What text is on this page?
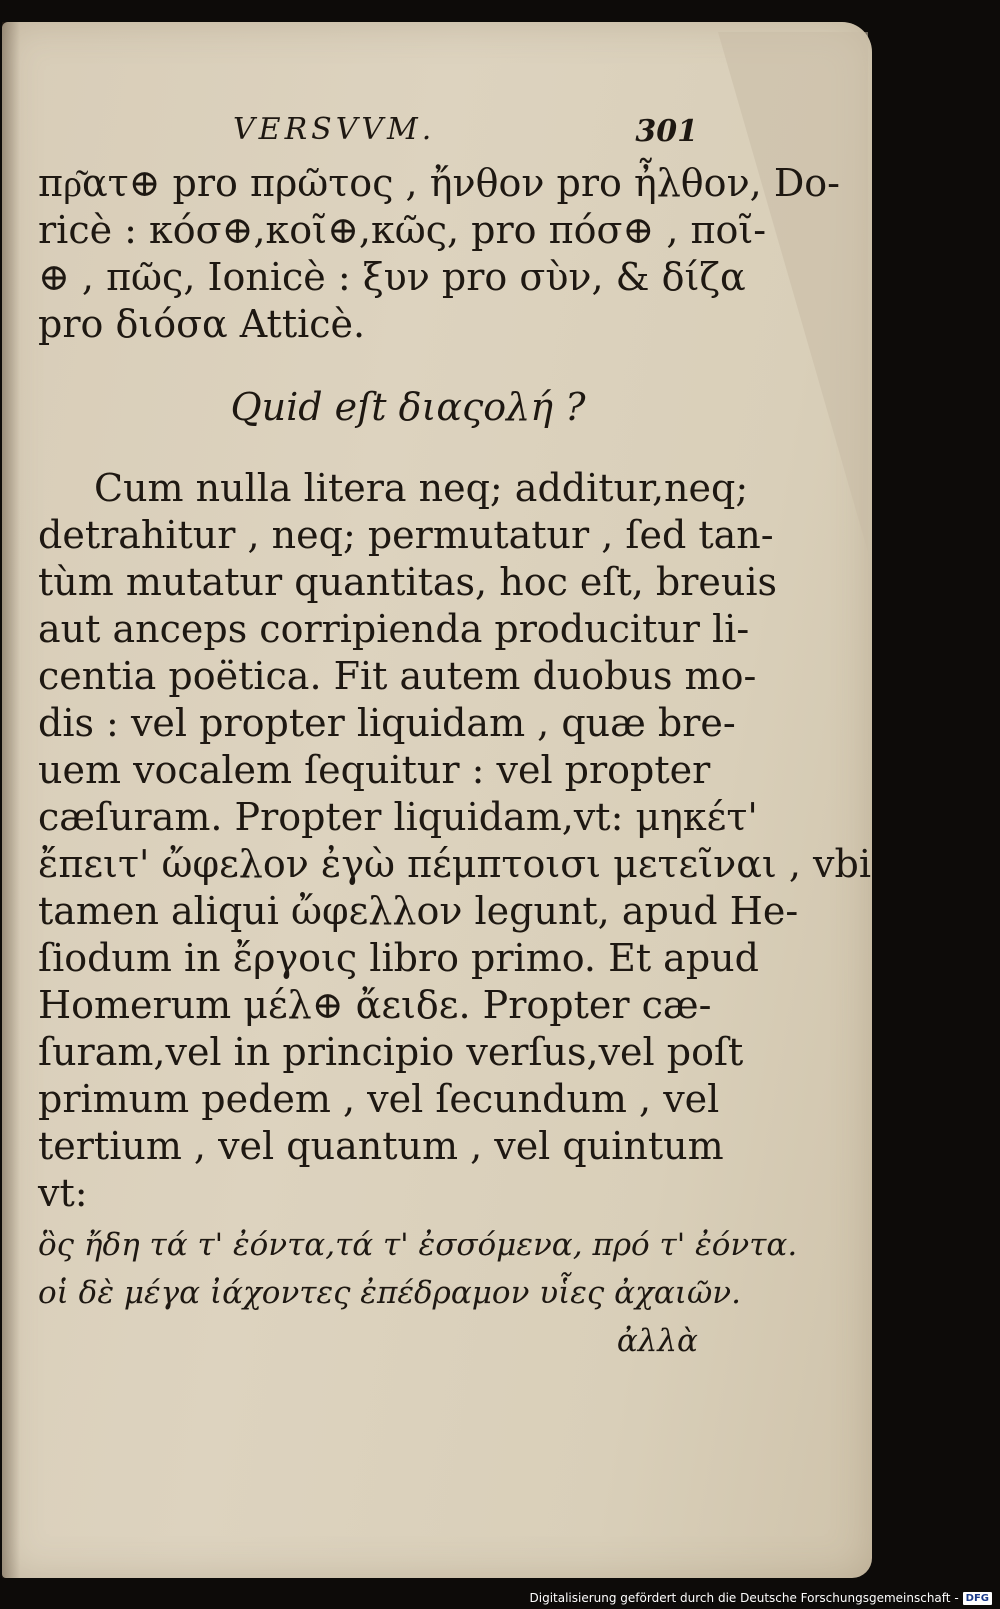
VERSVVM.	301
πρ͂ατ⊕ pro πρῶτος , ἤνθον pro ἦλθον, Do-
ricè : κόσ⊕,κοῖ⊕,κῶς, pro πόσ⊕ , ποῖ-
⊕ , πῶς, Ionicè : ξυν pro σὺν, & δίζα
pro διόσα Atticè.
Quid eſt διαςολή ?
Cum nulla litera neq; additur,neq;
detrahitur , neq; permutatur , ſed tan-
tùm mutatur quantitas, hoc eſt, breuis
aut anceps corripienda producitur li-
centia poëtica. Fit autem duobus mo-
dis : vel propter liquidam , quæ bre-
uem vocalem ſequitur : vel propter
cæſuram. Propter liquidam,vt: μηκέτ'
ἔπειτ' ὤφελον ἐγὼ πέμπτοισι μετεῖναι , vbi
tamen aliqui ὤφελλον legunt, apud He-
ſiodum in ἔργοις libro primo. Et apud
Homerum μέλ⊕ ἄειδε. Propter cæ-
ſuram,vel in principio verſus,vel poſt
primum pedem , vel ſecundum , vel
tertium , vel quantum , vel quintum
vt:
ὃς ἤδη τά τ' ἐόντα,τά τ' ἐσσόμενα, πρό τ' ἐόντα.
οἱ δὲ μέγα ἰάχοντες ἐπέδραμον υἷες ἀχαιῶν.
ἀλλὰ
Digitalisierung gefördert durch die Deutsche Forschungsgemeinschaft - DFG
